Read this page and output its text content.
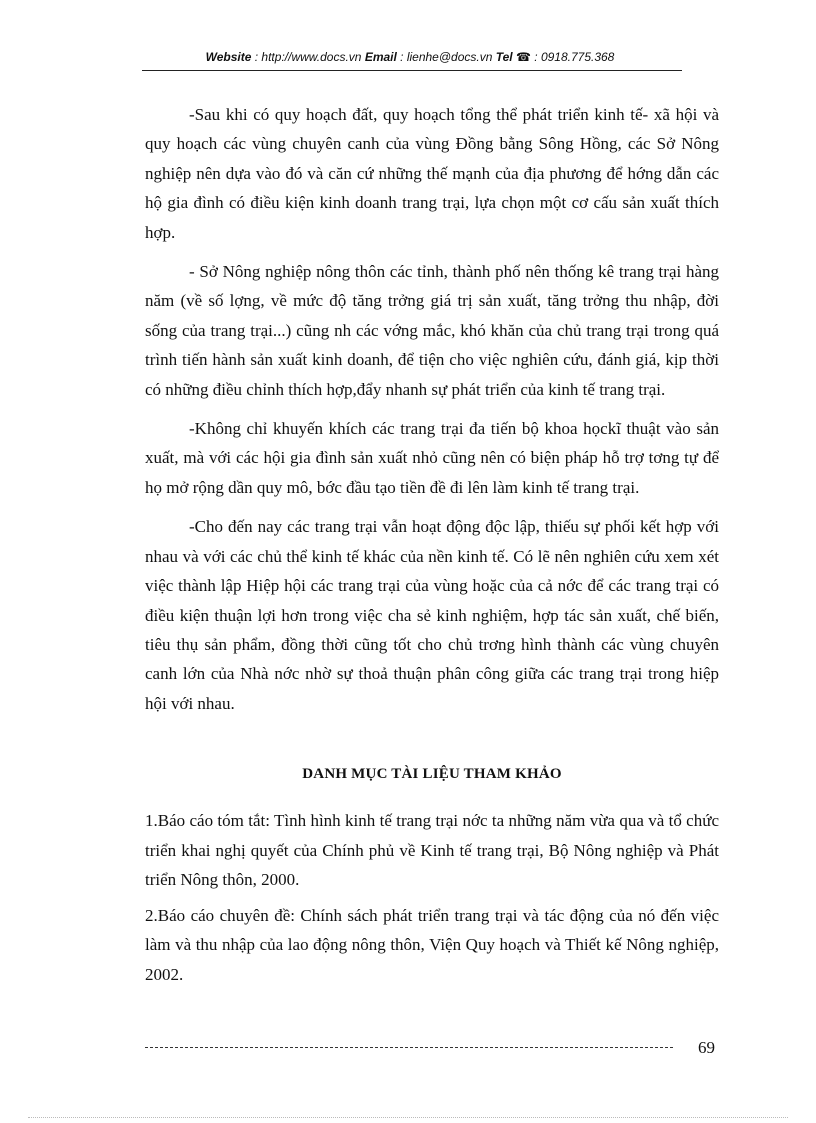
Website : http://www.docs.vn Email : lienhe@docs.vn Tel ☎ : 0918.775.368

-Sau khi có quy hoạch đất, quy hoạch tổng thể phát triển kinh tế- xã hội và quy hoạch các vùng chuyên canh của vùng Đồng bằng Sông Hồng, các Sở Nông nghiệp nên dựa vào đó và căn cứ những thế mạnh của địa phương để hớng dẫn các hộ gia đình có điều kiện kinh doanh trang trại, lựa chọn một cơ cấu sản xuất thích hợp.

- Sở Nông nghiệp nông thôn các tỉnh, thành phố nên thống kê trang trại hàng năm (về số lợng, về mức độ tăng trởng giá trị sản xuất, tăng trởng thu nhập, đời sống của trang trại...) cũng nh các vớng mắc, khó khăn của chủ trang trại trong quá trình tiến hành sản xuất kinh doanh, để tiện cho việc nghiên cứu, đánh giá, kịp thời có những điều chỉnh thích hợp,đẩy nhanh sự phát triển của kinh tế trang trại.

-Không chỉ khuyến khích các trang trại đa tiến bộ khoa họckĩ thuật vào sản xuất, mà với các hội gia đình sản xuất nhỏ cũng nên có biện pháp hỗ trợ tơng tự để họ mở rộng dần quy mô, bớc đầu tạo tiền đề đi lên làm kinh tế trang trại.

-Cho đến nay các trang trại vẫn hoạt động độc lập, thiếu sự phối kết hợp với nhau và với các chủ thể kinh tế khác của nền kinh tế. Có lẽ nên nghiên cứu xem xét việc thành lập Hiệp hội các trang trại của vùng hoặc của cả nớc để các trang trại có điều kiện thuận lợi hơn trong việc cha sẻ kinh nghiệm, hợp tác sản xuất, chế biến, tiêu thụ sản phẩm, đồng thời cũng tốt cho chủ trơng hình thành các vùng chuyên canh lớn của Nhà nớc nhờ sự thoả thuận phân công giữa các trang trại trong hiệp hội với nhau.

DANH MỤC TÀI LIỆU THAM KHẢO

1.Báo cáo tóm tắt: Tình hình kinh tế trang trại nớc ta những năm vừa qua và tổ chức triển khai nghị quyết của Chính phủ về Kinh tế trang trại, Bộ Nông nghiệp và Phát triển Nông thôn, 2000.

2.Báo cáo chuyên đề: Chính sách phát triển trang trại và tác động của nó đến việc làm và thu nhập của lao động nông thôn, Viện Quy hoạch và Thiết kế Nông nghiệp, 2002.

69
